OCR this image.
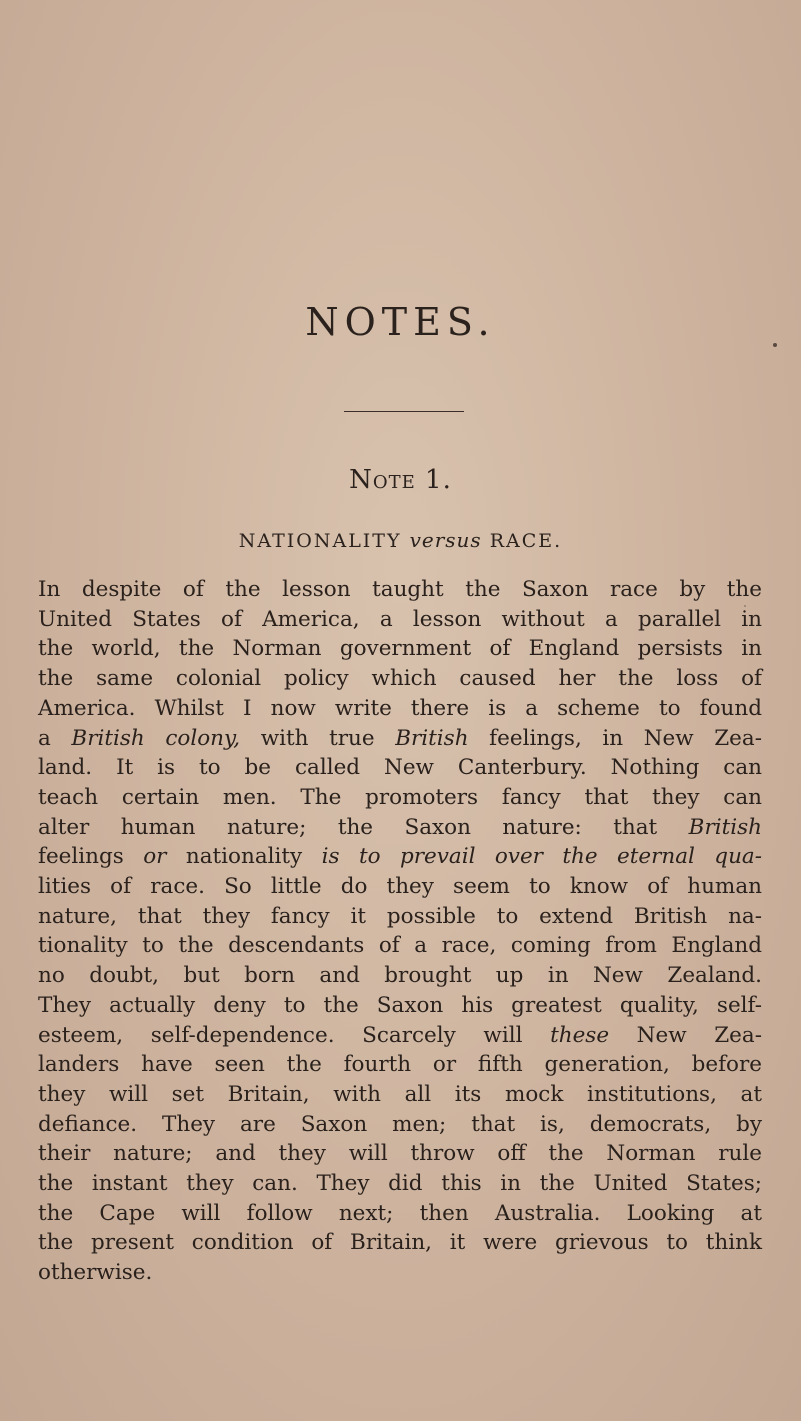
NOTES.
Note 1.
NATIONALITY versus RACE.
In despite of the lesson taught the Saxon race by the
United States of America, a lesson without a parallel in
the world, the Norman government of England persists in
the same colonial policy which caused her the loss of
America. Whilst I now write there is a scheme to found
a British colony, with true British feelings, in New Zea-
land. It is to be called New Canterbury. Nothing can
teach certain men. The promoters fancy that they can
alter human nature; the Saxon nature: that British
feelings or nationality is to prevail over the eternal qua-
lities of race. So little do they seem to know of human
nature, that they fancy it possible to extend British na-
tionality to the descendants of a race, coming from England
no doubt, but born and brought up in New Zealand.
They actually deny to the Saxon his greatest quality, self-
esteem, self-dependence. Scarcely will these New Zea-
landers have seen the fourth or fifth generation, before
they will set Britain, with all its mock institutions, at
defiance. They are Saxon men; that is, democrats, by
their nature; and they will throw off the Norman rule
the instant they can. They did this in the United States;
the Cape will follow next; then Australia. Looking at
the present condition of Britain, it were grievous to think
otherwise.
